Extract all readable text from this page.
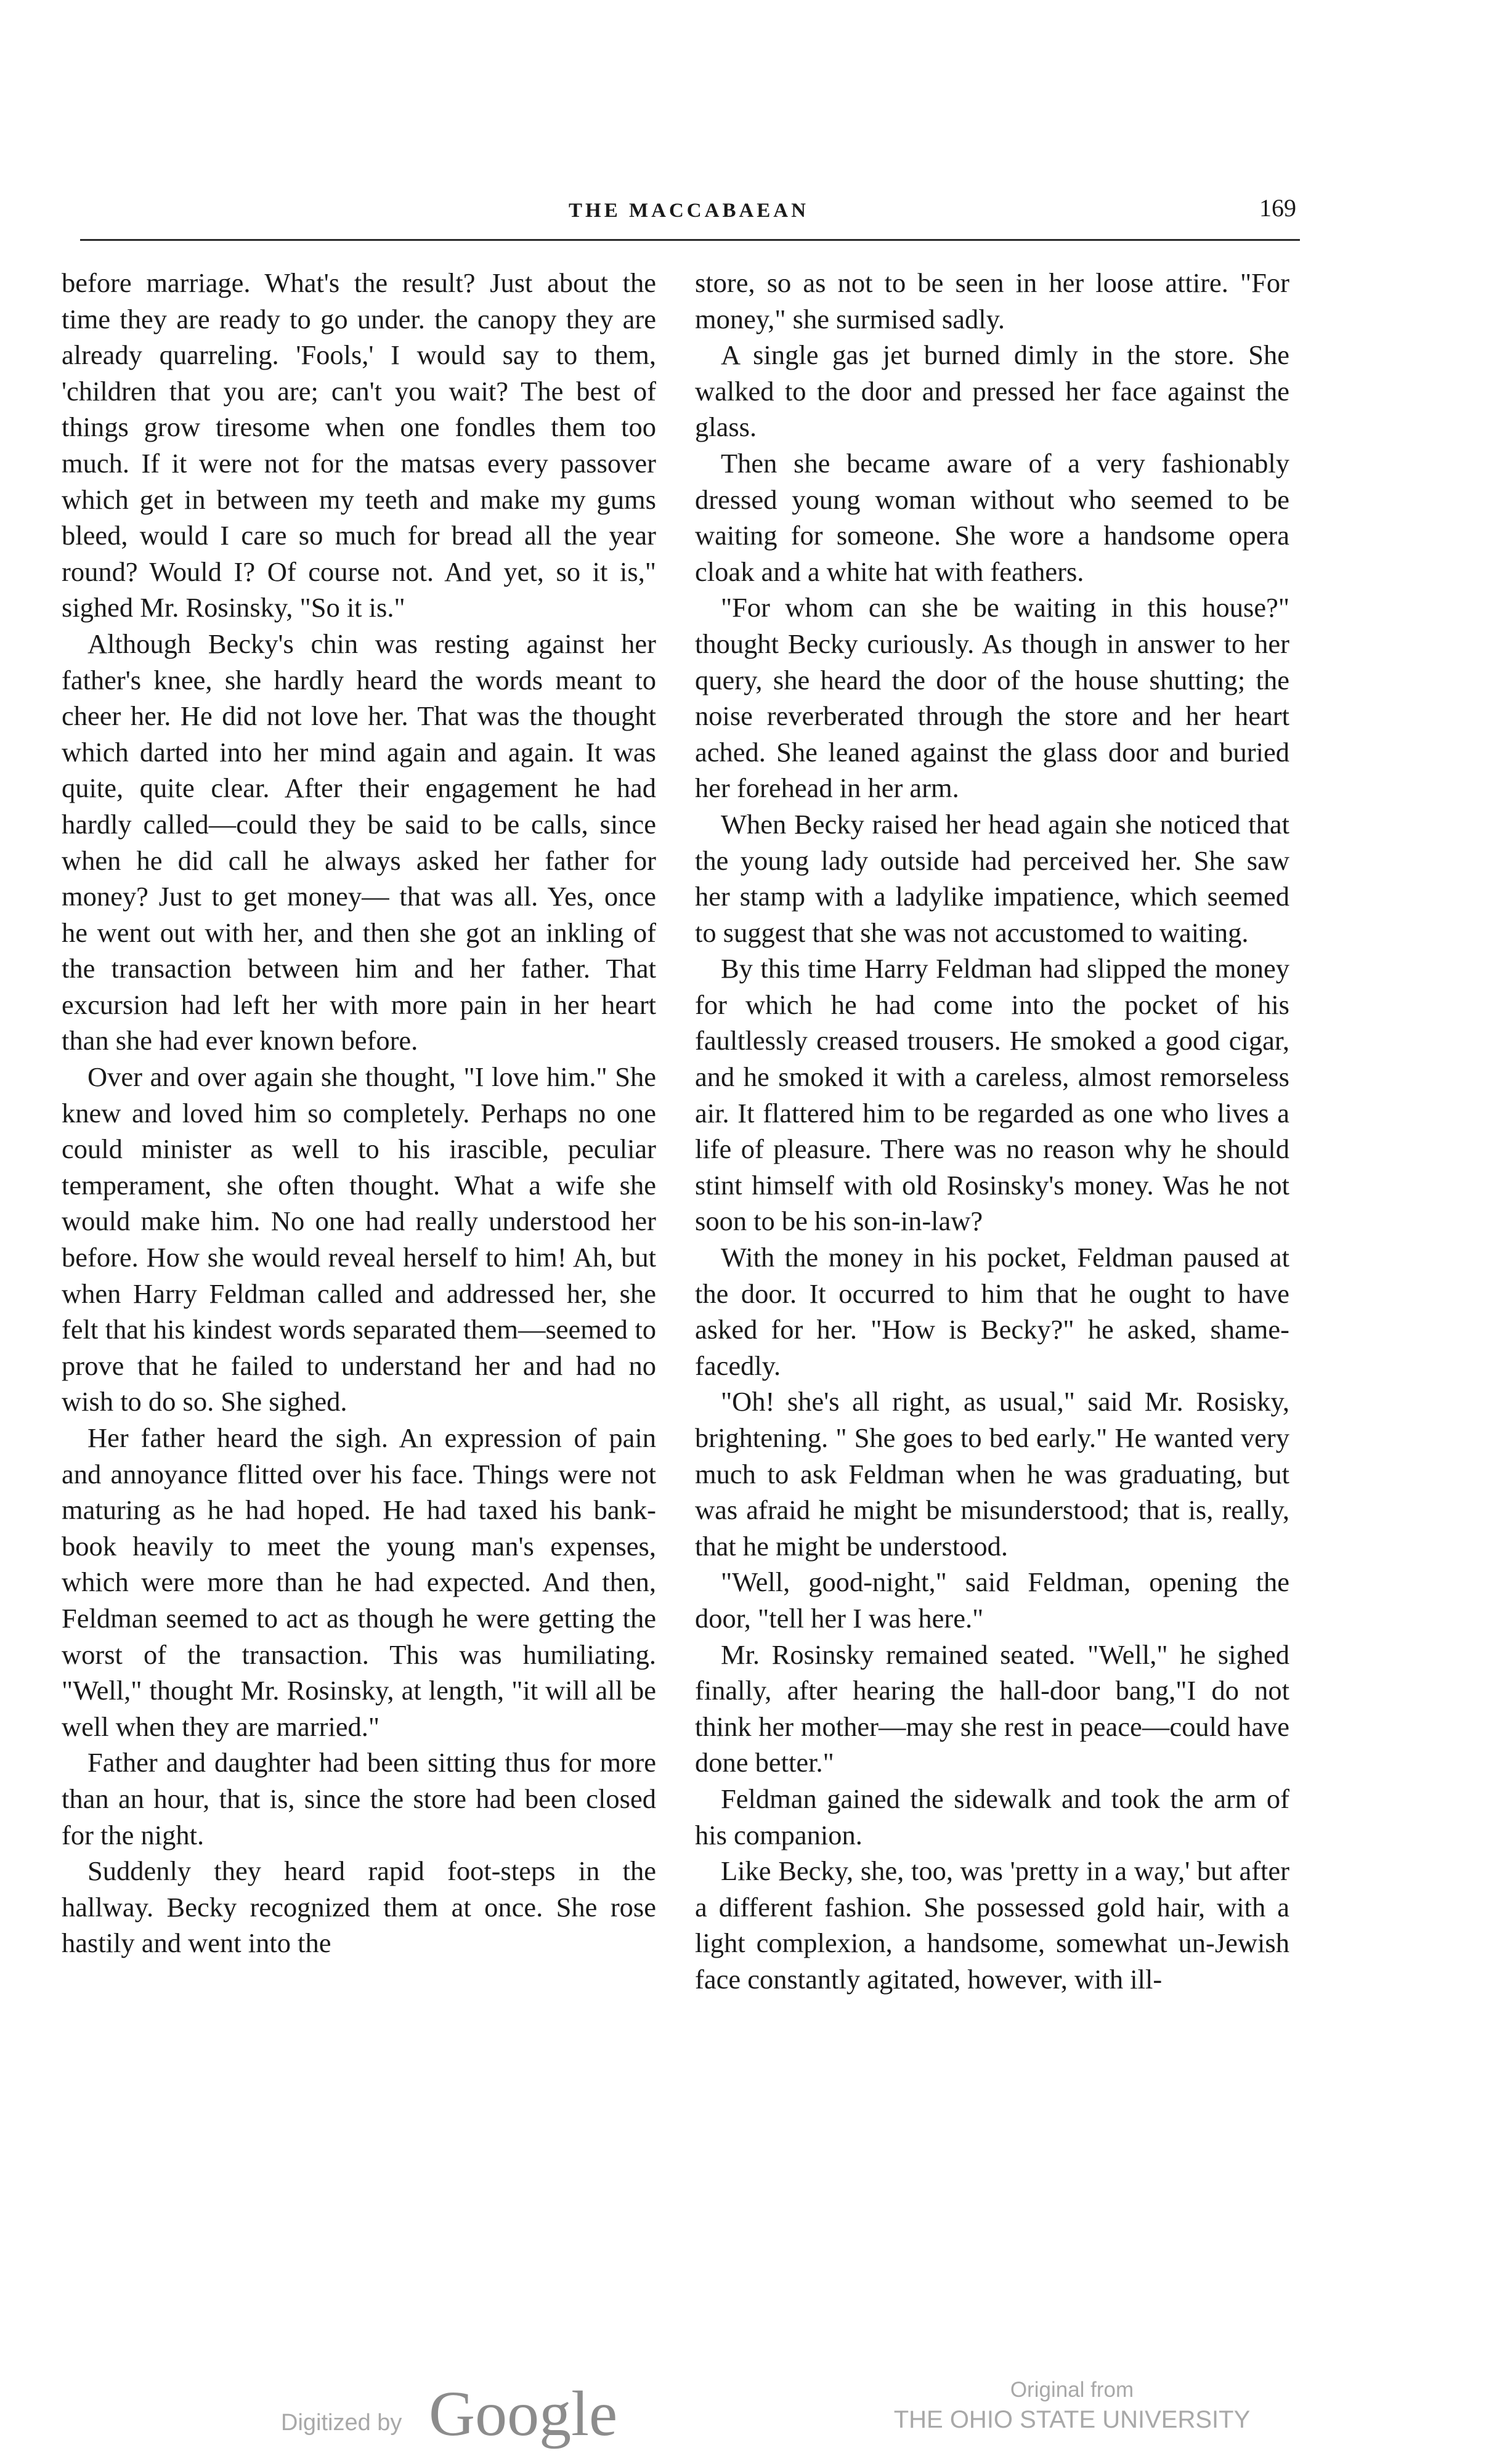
THE MACCABAEAN	169

before marriage. What's the result? Just about the time they are ready to go under. the canopy they are already quarreling. 'Fools,' I would say to them, 'children that you are; can't you wait? The best of things grow tiresome when one fondles them too much. If it were not for the matsas every passover which get in between my teeth and make my gums bleed, would I care so much for bread all the year round? Would I? Of course not. And yet, so it is," sighed Mr. Rosinsky, "So it is."

Although Becky's chin was resting against her father's knee, she hardly heard the words meant to cheer her. He did not love her. That was the thought which darted into her mind again and again. It was quite, quite clear. After their engagement he had hardly called—could they be said to be calls, since when he did call he always asked her father for money? Just to get money— that was all. Yes, once he went out with her, and then she got an inkling of the transaction between him and her father. That excursion had left her with more pain in her heart than she had ever known before.

Over and over again she thought, "I love him." She knew and loved him so completely. Perhaps no one could minister as well to his irascible, peculiar temperament, she often thought. What a wife she would make him. No one had really understood her before. How she would reveal herself to him! Ah, but when Harry Feldman called and addressed her, she felt that his kindest words separated them—seemed to prove that he failed to understand her and had no wish to do so. She sighed.

Her father heard the sigh. An expression of pain and annoyance flitted over his face. Things were not maturing as he had hoped. He had taxed his bank-book heavily to meet the young man's expenses, which were more than he had expected. And then, Feldman seemed to act as though he were getting the worst of the transaction. This was humiliating. "Well," thought Mr. Rosinsky, at length, "it will all be well when they are married."

Father and daughter had been sitting thus for more than an hour, that is, since the store had been closed for the night.

Suddenly they heard rapid foot-steps in the hallway. Becky recognized them at once. She rose hastily and went into the

store, so as not to be seen in her loose attire. "For money," she surmised sadly.

A single gas jet burned dimly in the store. She walked to the door and pressed her face against the glass.

Then she became aware of a very fashionably dressed young woman without who seemed to be waiting for someone. She wore a handsome opera cloak and a white hat with feathers.

"For whom can she be waiting in this house?" thought Becky curiously. As though in answer to her query, she heard the door of the house shutting; the noise reverberated through the store and her heart ached. She leaned against the glass door and buried her forehead in her arm.

When Becky raised her head again she noticed that the young lady outside had perceived her. She saw her stamp with a ladylike impatience, which seemed to suggest that she was not accustomed to waiting.

By this time Harry Feldman had slipped the money for which he had come into the pocket of his faultlessly creased trousers. He smoked a good cigar, and he smoked it with a careless, almost remorseless air. It flattered him to be regarded as one who lives a life of pleasure. There was no reason why he should stint himself with old Rosinsky's money. Was he not soon to be his son-in-law?

With the money in his pocket, Feldman paused at the door. It occurred to him that he ought to have asked for her. "How is Becky?" he asked, shame-facedly.

"Oh! she's all right, as usual," said Mr. Rosisky, brightening. " She goes to bed early." He wanted very much to ask Feldman when he was graduating, but was afraid he might be misunderstood; that is, really, that he might be understood.

"Well, good-night," said Feldman, opening the door, "tell her I was here."

Mr. Rosinsky remained seated. "Well," he sighed finally, after hearing the hall-door bang,"I do not think her mother—may she rest in peace—could have done better."

Feldman gained the sidewalk and took the arm of his companion.

Like Becky, she, too, was 'pretty in a way,' but after a different fashion. She possessed gold hair, with a light complexion, a handsome, somewhat un-Jewish face constantly agitated, however, with ill-

Digitized by Google	Original from
THE OHIO STATE UNIVERSITY
